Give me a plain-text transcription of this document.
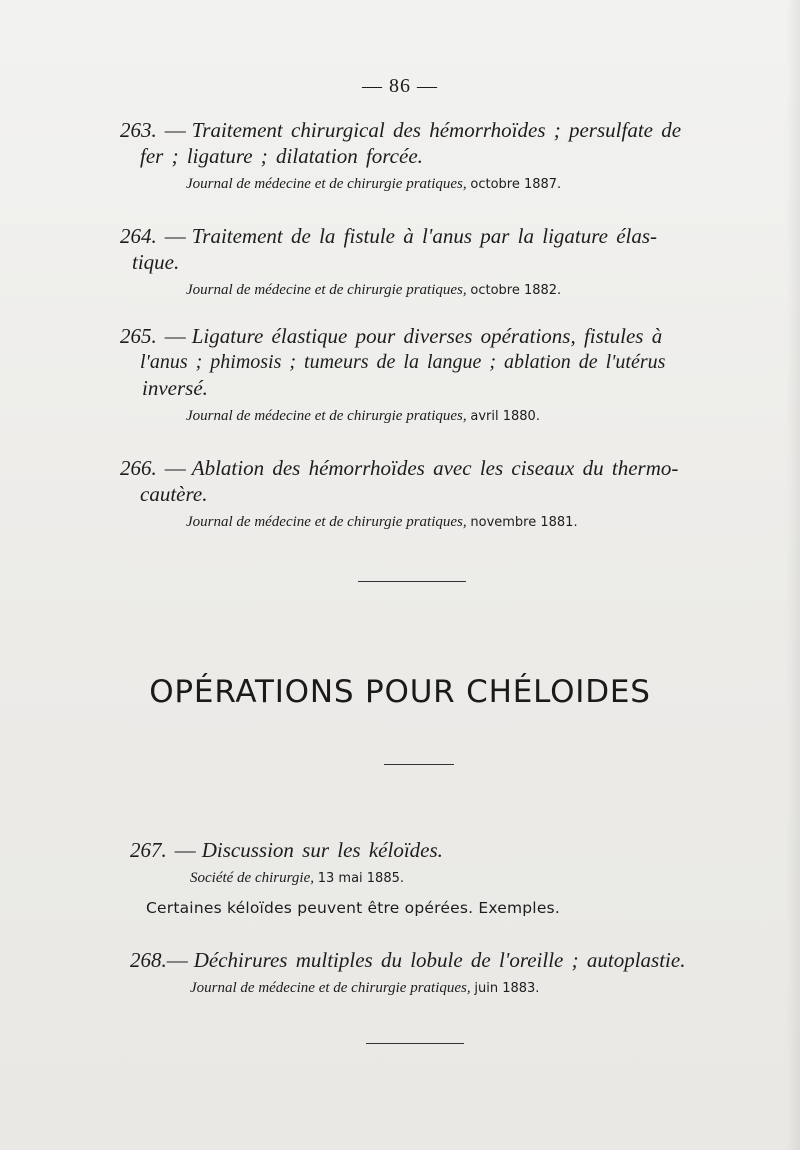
— 86 —
263. — Traitement chirurgical des hémorrhoïdes ; persulfate de
fer ; ligature ; dilatation forcée.
Journal de médecine et de chirurgie pratiques, octobre 1887.
264. — Traitement de la fistule à l'anus par la ligature élas-
tique.
Journal de médecine et de chirurgie pratiques, octobre 1882.
265. — Ligature élastique pour diverses opérations, fistules à
l'anus ; phimosis ; tumeurs de la langue ; ablation de l'utérus
inversé.
Journal de médecine et de chirurgie pratiques, avril 1880.
266. — Ablation des hémorrhoïdes avec les ciseaux du thermo-
cautère.
Journal de médecine et de chirurgie pratiques, novembre 1881.
OPÉRATIONS POUR CHÉLOIDES
267. — Discussion sur les kéloïdes.
Société de chirurgie, 13 mai 1885.
Certaines kéloïdes peuvent être opérées. Exemples.
268.— Déchirures multiples du lobule de l'oreille ; autoplastie.
Journal de médecine et de chirurgie pratiques, juin 1883.
